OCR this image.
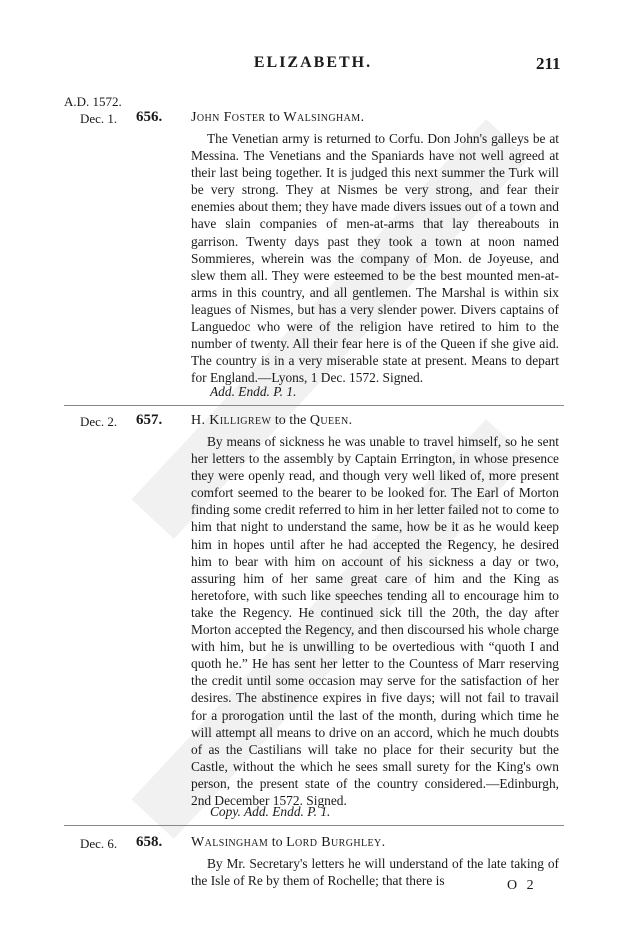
ELIZABETH.	211
A.D. 1572.
Dec. 1. 656. John Foster to Walsingham.

The Venetian army is returned to Corfu. Don John's galleys be at Messina. The Venetians and the Spaniards have not well agreed at their last being together. It is judged this next summer the Turk will be very strong. They at Nismes be very strong, and fear their enemies about them; they have made divers issues out of a town and have slain companies of men-at-arms that lay thereabouts in garrison. Twenty days past they took a town at noon named Sommieres, wherein was the company of Mon. de Joyeuse, and slew them all. They were esteemed to be the best mounted men-at-arms in this country, and all gentlemen. The Marshal is within six leagues of Nismes, but has a very slender power. Divers captains of Languedoc who were of the religion have retired to him to the number of twenty. All their fear here is of the Queen if she give aid. The country is in a very miserable state at present. Means to depart for England.—Lyons, 1 Dec. 1572. Signed.

Add. Endd. P. 1.
Dec. 2. 657. H. Killigrew to the Queen.

By means of sickness he was unable to travel himself, so he sent her letters to the assembly by Captain Errington, in whose presence they were openly read, and though very well liked of, more present comfort seemed to the bearer to be looked for. The Earl of Morton finding some credit referred to him in her letter failed not to come to him that night to understand the same, how be it as he would keep him in hopes until after he had accepted the Regency, he desired him to bear with him on account of his sickness a day or two, assuring him of her same great care of him and the King as heretofore, with such like speeches tending all to encourage him to take the Regency. He continued sick till the 20th, the day after Morton accepted the Regency, and then discoursed his whole charge with him, but he is unwilling to be overtedious with “quoth I and quoth he.” He has sent her letter to the Countess of Marr reserving the credit until some occasion may serve for the satisfaction of her desires. The abstinence expires in five days; will not fail to travail for a prorogation until the last of the month, during which time he will attempt all means to drive on an accord, which he much doubts of as the Castilians will take no place for their security but the Castle, without the which he sees small surety for the King's own person, the present state of the country considered.—Edinburgh, 2nd December 1572. Signed.

Copy. Add. Endd. P. 1.
Dec. 6. 658. Walsingham to Lord Burghley.

By Mr. Secretary's letters he will understand of the late taking of the Isle of Re by them of Rochelle; that there is	O 2
